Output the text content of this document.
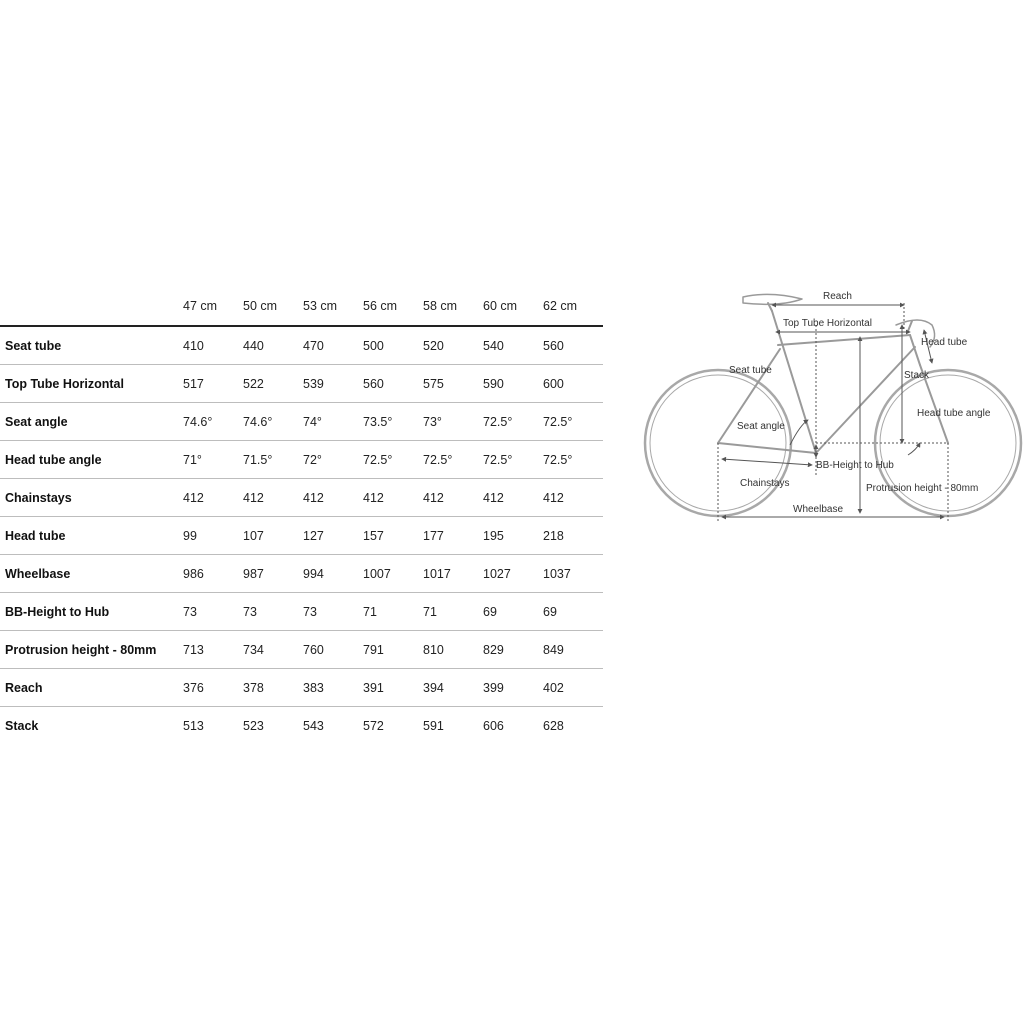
	47 cm	50 cm	53 cm	56 cm	58 cm	60 cm	62 cm
Seat tube	410	440	470	500	520	540	560
Top Tube Horizontal	517	522	539	560	575	590	600
Seat angle	74.6°	74.6°	74°	73.5°	73°	72.5°	72.5°
Head tube angle	71°	71.5°	72°	72.5°	72.5°	72.5°	72.5°
Chainstays	412	412	412	412	412	412	412
Head tube	99	107	127	157	177	195	218
Wheelbase	986	987	994	1007	1017	1027	1037
BB-Height to Hub	73	73	73	71	71	69	69
Protrusion height - 80mm	713	734	760	791	810	829	849
Reach	376	378	383	391	394	399	402
Stack	513	523	543	572	591	606	628
Reach
Top Tube Horizontal
Head tube
Seat tube	Stack
Head tube angle
Seat angle
BB-Height to Hub
Chainstays	Protrusion height - 80mm
Wheelbase
